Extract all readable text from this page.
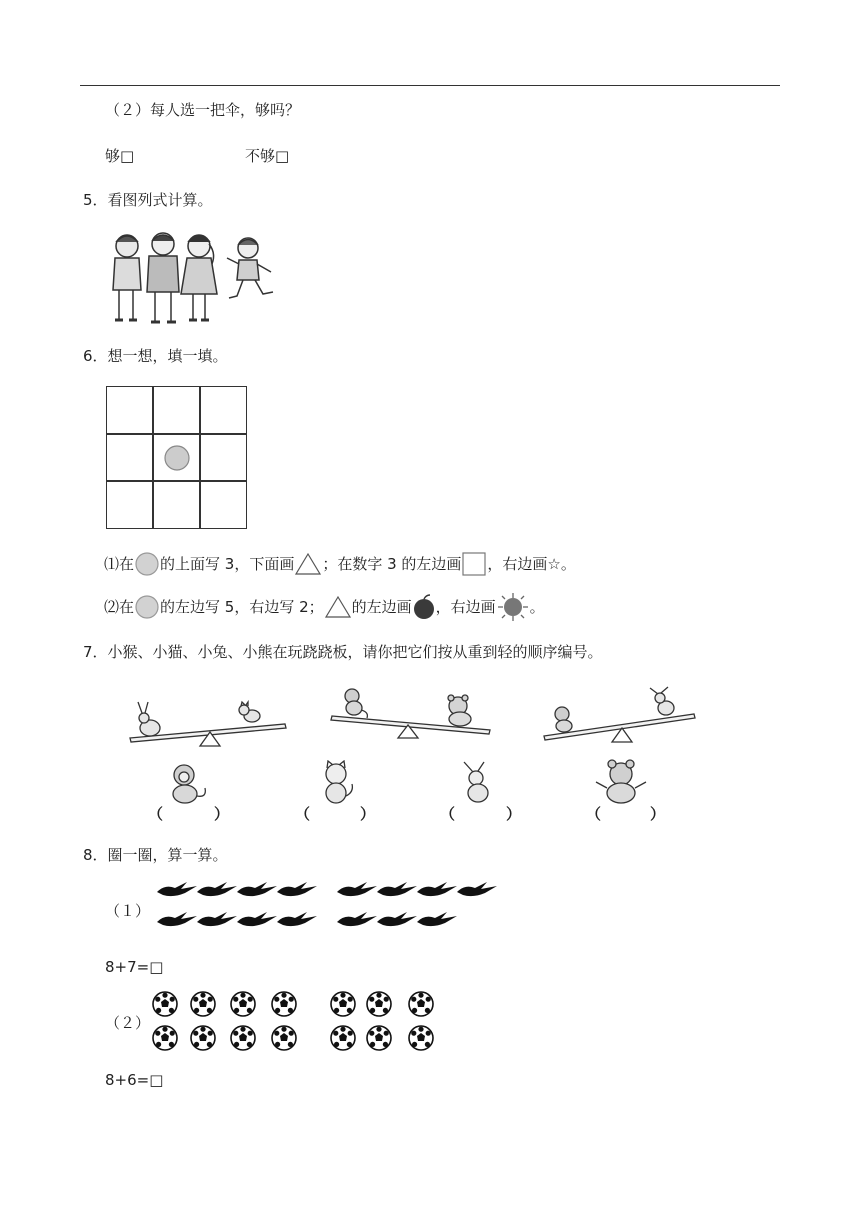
（２）每人选一把伞，够吗？
够□	不够□
5．看图列式计算。
6．想一想，填一填。
⑴在 的上面写 3，下面画 ；在数字 3 的左边画 ，右边画☆。
⑵在 的左边写 5，右边写 2； 的左边画 ，右边画 。
7．小猴、小猫、小兔、小熊在玩跷跷板，请你把它们按从重到轻的顺序编号。
（	）	（	）	（	）	（	）
8．圈一圈，算一算。
（１）
8+7=□
（２）
8+6=□
